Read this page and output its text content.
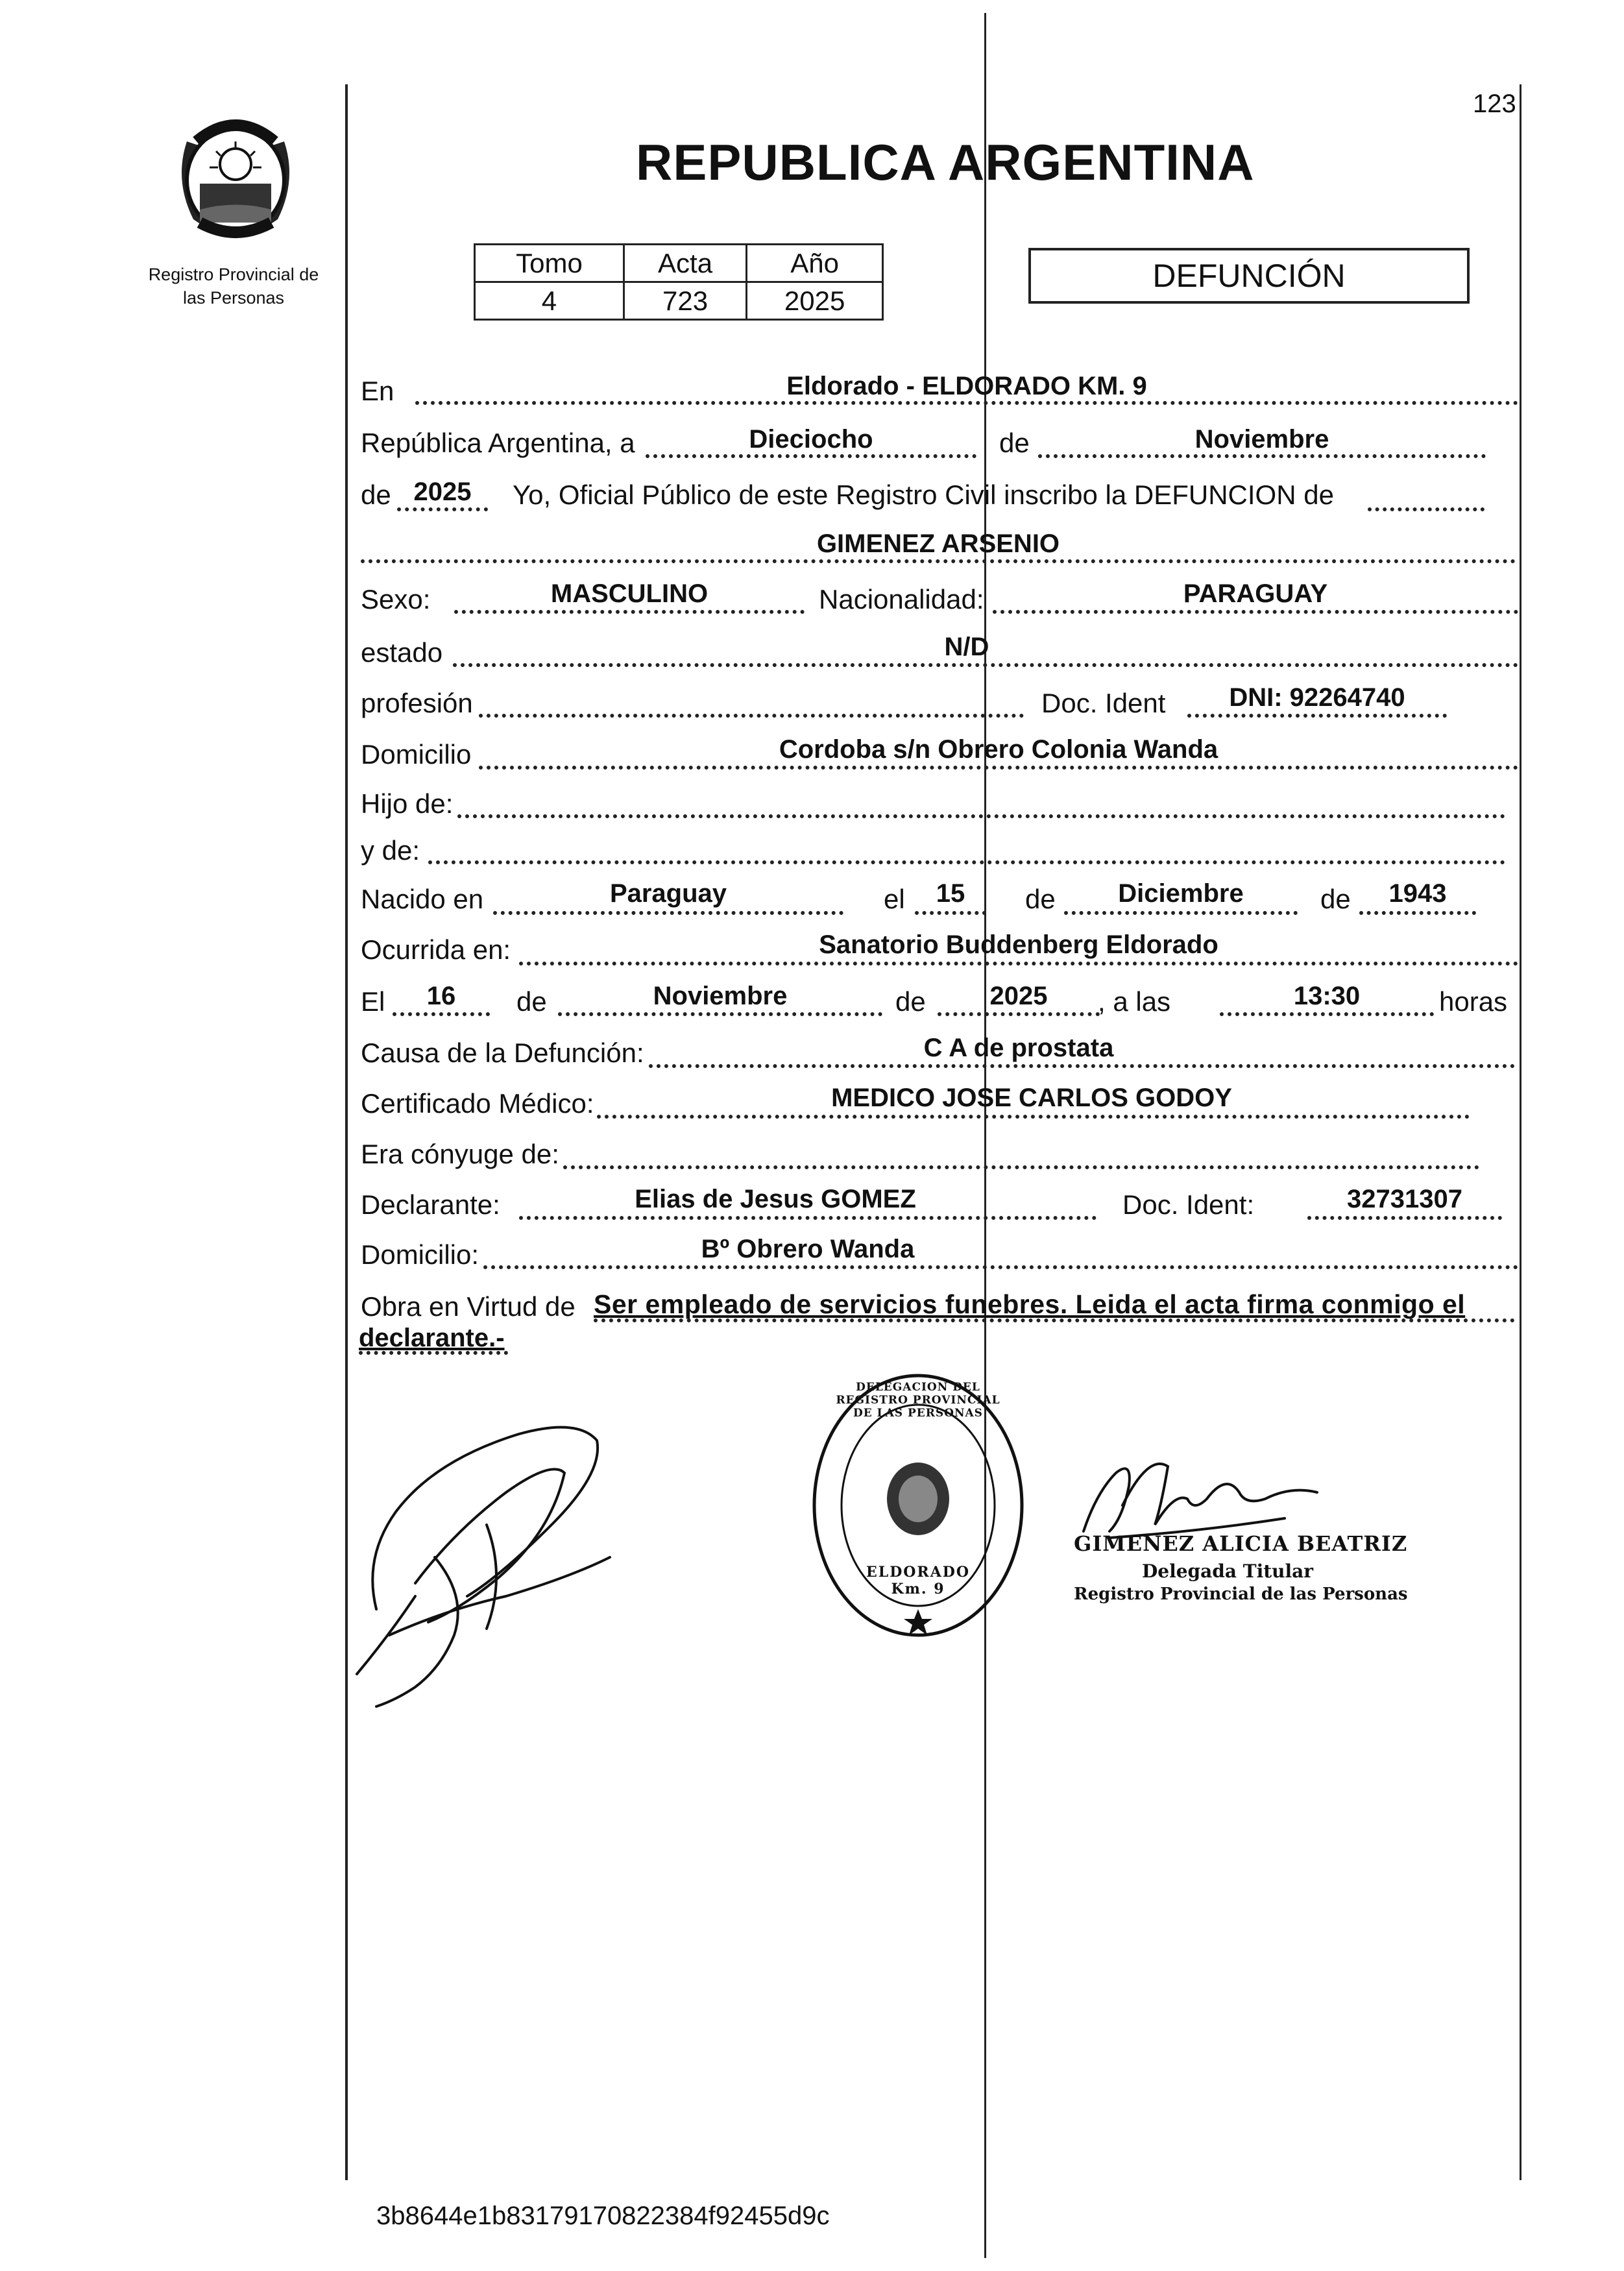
123
Registro Provincial de
las Personas
REPUBLICA ARGENTINA
Tomo	Acta	Año
4	723	2025
DEFUNCIÓN
En	Eldorado - ELDORADO KM. 9
República Argentina, a	Dieciocho	de	Noviembre
de 2025	Yo, Oficial Público de este Registro Civil inscribo la DEFUNCION de
GIMENEZ ARSENIO
Sexo:	MASCULINO	Nacionalidad:	PARAGUAY
estado	N/D
profesión	Doc. Ident	DNI: 92264740
Domicilio	Cordoba s/n Obrero Colonia Wanda
Hijo de:
y de:
Nacido en	Paraguay	el	15	de	Diciembre	de	1943
Ocurrida en:	Sanatorio Buddenberg Eldorado
El	16	de	Noviembre	de	2025	, a las	13:30	horas
Causa de la Defunción:	C A de prostata
Certificado Médico:	MEDICO JOSE CARLOS GODOY
Era cónyuge de:
Declarante:	Elias de Jesus GOMEZ	Doc. Ident:	32731307
Domicilio:	Bº Obrero Wanda
Obra en Virtud de Ser empleado de servicios funebres. Leida el acta firma conmigo el
declarante.-
DELEGACION DEL REGISTRO PROVINCIAL DE LAS PERSONAS
ELDORADO Km. 9
GIMENEZ ALICIA BEATRIZ
Delegada Titular
Registro Provincial de las Personas
3b8644e1b83179170822384f92455d9c
